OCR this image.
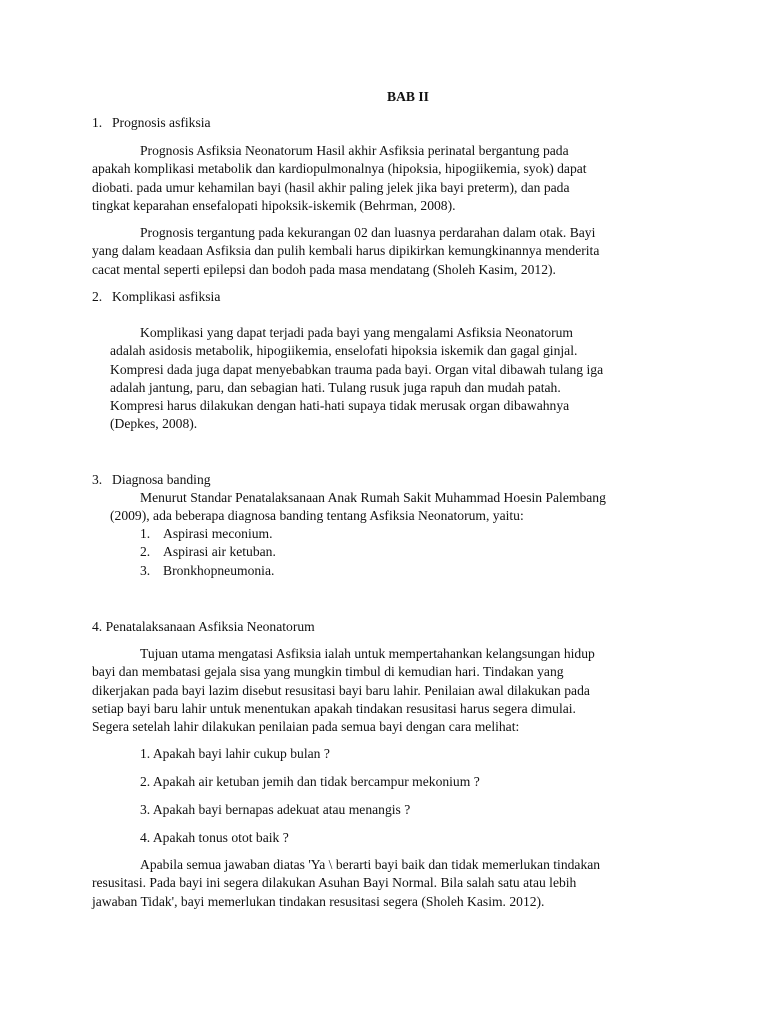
BAB II
1. Prognosis asfiksia
Prognosis Asfiksia Neonatorum Hasil akhir Asfiksia perinatal bergantung pada
apakah komplikasi metabolik dan kardiopulmonalnya (hipoksia, hipogiikemia, syok) dapat
diobati. pada umur kehamilan bayi (hasil akhir paling jelek jika bayi preterm), dan pada
tingkat keparahan ensefalopati hipoksik-iskemik (Behrman, 2008).
Prognosis tergantung pada kekurangan 02 dan luasnya perdarahan dalam otak. Bayi
yang dalam keadaan Asfiksia dan pulih kembali harus dipikirkan kemungkinannya menderita
cacat mental seperti epilepsi dan bodoh pada masa mendatang (Sholeh Kasim, 2012).
2. Komplikasi asfiksia
Komplikasi yang dapat terjadi pada bayi yang mengalami Asfiksia Neonatorum
adalah asidosis metabolik, hipogiikemia, enselofati hipoksia iskemik dan gagal ginjal.
Kompresi dada juga dapat menyebabkan trauma pada bayi. Organ vital dibawah tulang iga
adalah jantung, paru, dan sebagian hati. Tulang rusuk juga rapuh dan mudah patah.
Kompresi harus dilakukan dengan hati-hati supaya tidak merusak organ dibawahnya
(Depkes, 2008).
3. Diagnosa banding
Menurut Standar Penatalaksanaan Anak Rumah Sakit Muhammad Hoesin Palembang
(2009), ada beberapa diagnosa banding tentang Asfiksia Neonatorum, yaitu:
1. Aspirasi meconium.
2. Aspirasi air ketuban.
3. Bronkhopneumonia.
4. Penatalaksanaan Asfiksia Neonatorum
Tujuan utama mengatasi Asfiksia ialah untuk mempertahankan kelangsungan hidup
bayi dan membatasi gejala sisa yang mungkin timbul di kemudian hari. Tindakan yang
dikerjakan pada bayi lazim disebut resusitasi bayi baru lahir. Penilaian awal dilakukan pada
setiap bayi baru lahir untuk menentukan apakah tindakan resusitasi harus segera dimulai.
Segera setelah lahir dilakukan penilaian pada semua bayi dengan cara melihat:
1. Apakah bayi lahir cukup bulan ?
2. Apakah air ketuban jemih dan tidak bercampur mekonium ?
3. Apakah bayi bernapas adekuat atau menangis ?
4. Apakah tonus otot baik ?
Apabila semua jawaban diatas 'Ya \ berarti bayi baik dan tidak memerlukan tindakan
resusitasi. Pada bayi ini segera dilakukan Asuhan Bayi Normal. Bila salah satu atau lebih
jawaban Tidak', bayi memerlukan tindakan resusitasi segera (Sholeh Kasim. 2012).
